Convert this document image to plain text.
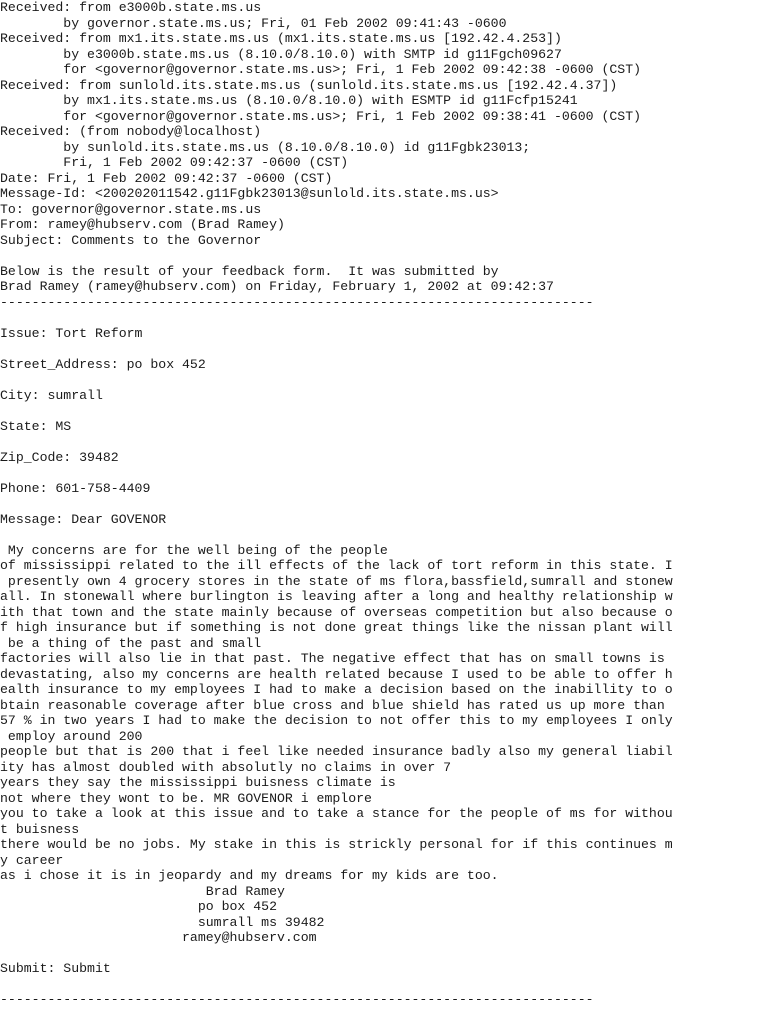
Received: from e3000b.state.ms.us
by governor.state.ms.us; Fri, 01 Feb 2002 09:41:43 -0600
Received: from mx1.its.state.ms.us (mx1.its.state.ms.us [192.42.4.253])
by e3000b.state.ms.us (8.10.0/8.10.0) with SMTP id g11Fgch09627
for <governor@governor.state.ms.us>; Fri, 1 Feb 2002 09:42:38 -0600 (CST)
Received: from sunlold.its.state.ms.us (sunlold.its.state.ms.us [192.42.4.37])
by mx1.its.state.ms.us (8.10.0/8.10.0) with ESMTP id g11Fcfp15241
for <governor@governor.state.ms.us>; Fri, 1 Feb 2002 09:38:41 -0600 (CST)
Received: (from nobody@localhost)
by sunlold.its.state.ms.us (8.10.0/8.10.0) id g11Fgbk23013;
Fri, 1 Feb 2002 09:42:37 -0600 (CST)
Date: Fri, 1 Feb 2002 09:42:37 -0600 (CST)
Message-Id: <200202011542.g11Fgbk23013@sunlold.its.state.ms.us>
To: governor@governor.state.ms.us
From: ramey@hubserv.com (Brad Ramey)
Subject: Comments to the Governor
Below is the result of your feedback form.  It was submitted by
Brad Ramey (ramey@hubserv.com) on Friday, February 1, 2002 at 09:42:37
---------------------------------------------------------------------------
Issue: Tort Reform
Street_Address: po box 452
City: sumrall
State: MS
Zip_Code: 39482
Phone: 601-758-4409
Message: Dear GOVENOR
My concerns are for the well being of the people
of mississippi related to the ill effects of the lack of tort reform in this state. I
presently own 4 grocery stores in the state of ms flora,bassfield,sumrall and stonew
all. In stonewall where burlington is leaving after a long and healthy relationship w
ith that town and the state mainly because of overseas competition but also because o
f high insurance but if something is not done great things like the nissan plant will
be a thing of the past and small
factories will also lie in that past. The negative effect that has on small towns is
devastating, also my concerns are health related because I used to be able to offer h
ealth insurance to my employees I had to make a decision based on the inabillity to o
btain reasonable coverage after blue cross and blue shield has rated us up more than
57 % in two years I had to make the decision to not offer this to my employees I only
employ around 200
people but that is 200 that i feel like needed insurance badly also my general liabil
ity has almost doubled with absolutly no claims in over 7
years they say the mississippi buisness climate is
not where they wont to be. MR GOVENOR i emplore
you to take a look at this issue and to take a stance for the people of ms for withou
t buisness
there would be no jobs. My stake in this is strickly personal for if this continues m
y career
as i chose it is in jeopardy and my dreams for my kids are too.
Brad Ramey
po box 452
sumrall ms 39482
ramey@hubserv.com
Submit: Submit
---------------------------------------------------------------------------
